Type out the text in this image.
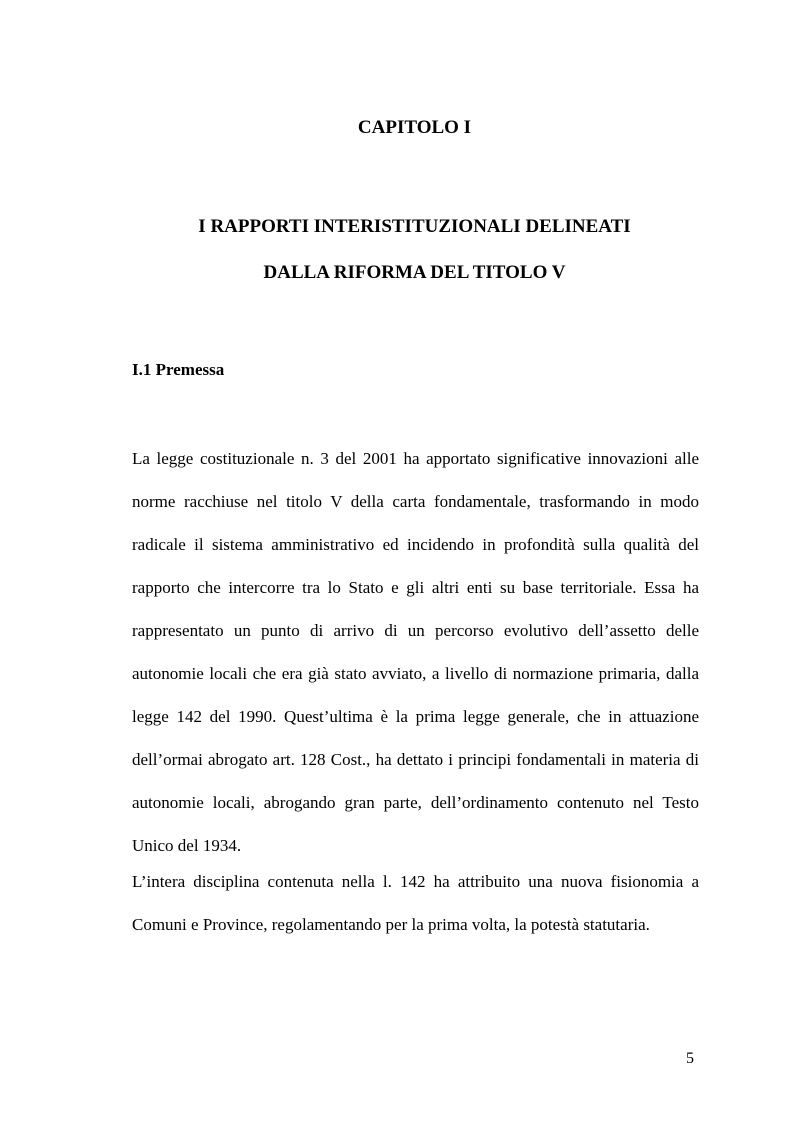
CAPITOLO I
I RAPPORTI INTERISTITUZIONALI DELINEATI
DALLA RIFORMA DEL TITOLO V
I.1 Premessa

La legge costituzionale n. 3 del 2001 ha apportato significative innovazioni alle norme racchiuse nel titolo V della carta fondamentale, trasformando in modo radicale il sistema amministrativo ed incidendo in profondità sulla qualità del rapporto che intercorre tra lo Stato e gli altri enti su base territoriale. Essa ha rappresentato un punto di arrivo di un percorso evolutivo dell’assetto delle autonomie locali che era già stato avviato, a livello di normazione primaria, dalla legge 142 del 1990. Quest’ultima è la prima legge generale, che in attuazione dell’ormai abrogato art. 128 Cost., ha dettato i principi fondamentali in materia di autonomie locali, abrogando gran parte, dell’ordinamento contenuto nel Testo Unico del 1934.

L’intera disciplina contenuta nella l. 142 ha attribuito una nuova fisionomia a Comuni e Province, regolamentando per la prima volta, la potestà statutaria.

5
